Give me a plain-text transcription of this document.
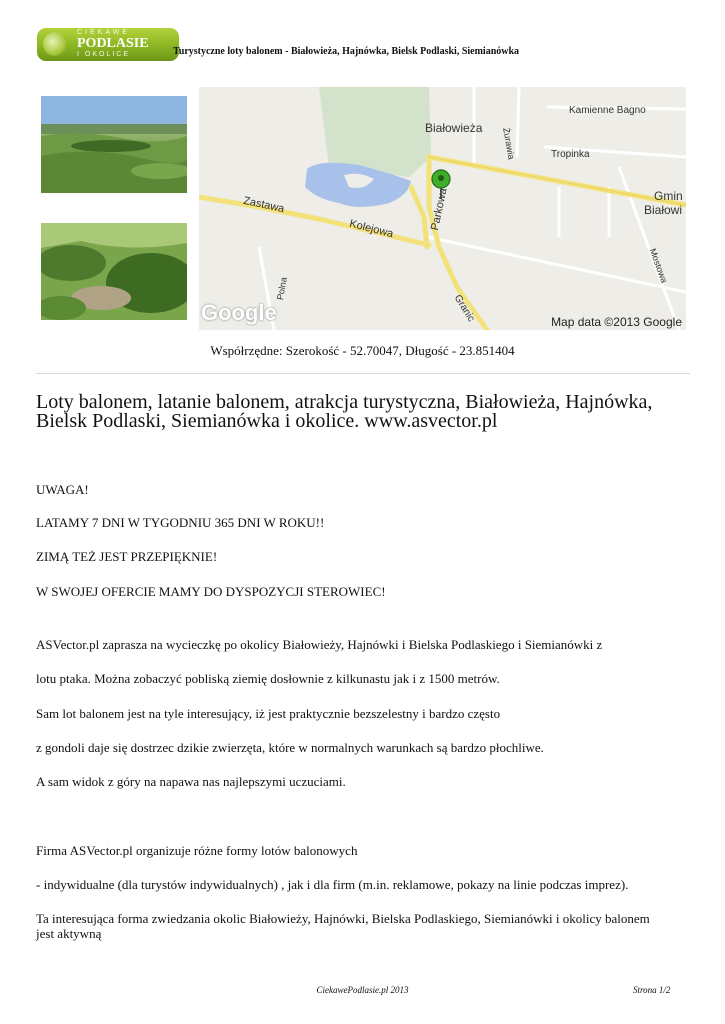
CIEKAWE
PODLASIE
I OKOLICE	Turystyczne loty balonem - Białowieża, Hajnówka, Bielsk Podlaski, Siemianówka
Białowieża
Kamienne Bagno
Żurawia	Tropinka
Gmin
Białowi
Zastawa
Kolejowa	Parkowa
Polna
Mostowa
Granic
Google	Map data ©2013 Google
Współrzędne: Szerokość - 52.70047, Długość - 23.851404
Loty balonem, latanie balonem, atrakcja turystyczna, Białowieża, Hajnówka, Bielsk Podlaski, Siemianówka i okolice. www.asvector.pl
UWAGA!
LATAMY 7 DNI W TYGODNIU 365 DNI W ROKU!!
ZIMĄ TEŻ JEST PRZEPIĘKNIE!
W SWOJEJ OFERCIE MAMY DO DYSPOZYCJI STEROWIEC!
ASVector.pl zaprasza na wycieczkę po okolicy Białowieży, Hajnówki i Bielska Podlaskiego i Siemianówki z
lotu ptaka. Można zobaczyć pobliską ziemię dosłownie z kilkunastu jak i z 1500 metrów.
Sam lot balonem jest na tyle interesujący, iż jest praktycznie bezszelestny i bardzo często
z gondoli daje się dostrzec dzikie zwierzęta, które w normalnych warunkach są bardzo płochliwe.
A sam widok z góry na napawa nas najlepszymi uczuciami.
Firma ASVector.pl organizuje różne formy lotów balonowych
- indywidualne (dla turystów indywidualnych) , jak i dla firm (m.in. reklamowe, pokazy na linie podczas imprez).
Ta interesująca forma zwiedzania okolic Białowieży, Hajnówki, Bielska Podlaskiego, Siemianówki i okolicy balonem
jest aktywną
CiekawePodlasie.pl 2013	Strona 1/2
